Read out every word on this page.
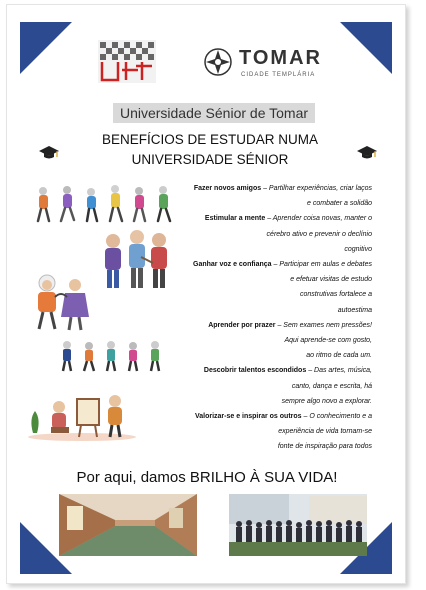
TOMAR
CIDADE TEMPLÁRIA
Universidade Sénior de Tomar
BENEFÍCIOS DE ESTUDAR NUMA
UNIVERSIDADE SÉNIOR
Fazer novos amigos – Partilhar experiências, criar laços
e combater a solidão
Estimular a mente – Aprender coisa novas, manter o
cérebro ativo e prevenir o declínio
cognitivo
Ganhar voz e confiança – Participar em aulas e debates
e efetuar visitas de estudo
construtivas fortalece a
autoestima
Aprender por prazer – Sem exames nem pressões!
Aqui aprende-se com gosto,
ao ritmo de cada um.
Descobrir talentos escondidos – Das artes, música,
canto, dança e escrita, há
sempre algo novo a explorar.
Valorizar-se e inspirar os outros – O conhecimento e a
experiência de vida tornam-se
fonte de inspiração para todos
Por aqui, damos BRILHO À SUA VIDA!
